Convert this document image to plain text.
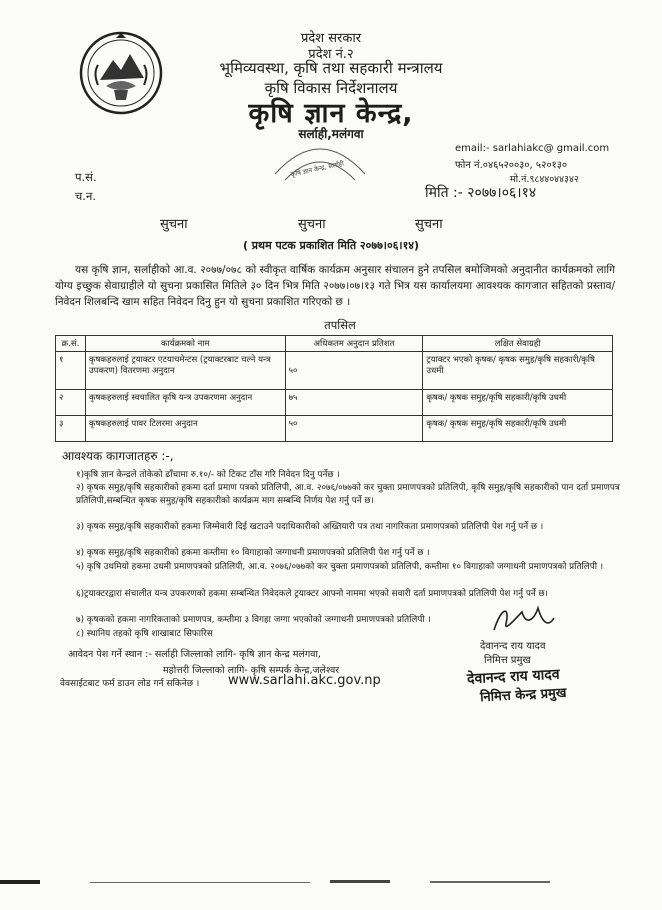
प्रदेश सरकार
प्रदेश नं.२
भूमिव्यवस्था, कृषि तथा सहकारी मन्त्रालय
कृषि विकास निर्देशनालय
कृषि ज्ञान केन्द्र,
सर्लाही,मलंगवा
कृषि ज्ञान केन्द्र, सर्लाही
email:- sarlahiakc@ gmail.com
फोन नं.०४६५२००३०, ५२०१३०
मो.नं.९८४४०४४३४२
प.सं.
च.न.	मिति :- २०७७।०६।१४
सुचना	सुचना	सुचना
( प्रथम पटक प्रकाशित मिति २०७७।०६।१४)
यस कृषि ज्ञान, सर्लाहीको आ.व. २०७७/०७८ को स्वीकृत वार्षिक कार्यक्रम अनुसार संचालन हुने तपसिल बमोजिमको अनुदानीत कार्यक्रमको लागि योग्य इच्छुक सेवाग्राहीले यो सुचना प्रकासित मितिले ३० दिन भित्र मिति २०७७।०७।१३ गते भित्र यस कार्यालयमा आवश्यक कागजात सहितको प्रस्ताव/ निवेदन शिलबन्दि खाम सहित निवेदन दिनु हुन यो सुचना प्रकाशित गरिएको छ ।
तपसिल
क्र.सं.	कार्यक्रमको नाम	अधिकतम अनुदान प्रतिशत	लक्षित सेवाग्रही
१	कृषकहरुलाई ट्रयाक्टर एटयाचमेन्टस (ट्रयाक्टरबाट चल्ने यन्त्र उपकरण) वितरणमा अनुदान	५०	ट्रयाक्टर भएको कृषक/ कृषक समुह/कृषि सहकारी/कृषि उधमी
२	कृषकहरुलाई स्वचालित कृषि यन्त्र उपकरणमा अनुदान	७५	कृषक/ कृषक समुह/कृषि सहकारी/कृषि उधमी
३	कृषकहरुलाई पावर टिलरमा अनुदान	५०	कृषक/ कृषक समुह/कृषि सहकारी/कृषि उधमी
आवश्यक कागजातहरु :-,
१)कृषि ज्ञान केन्द्रले तोकेको ढाँचामा रु.१०/- को टिकट टाँस गरि निवेदन दिनु पर्नेछ ।
२) कृषक समुह/कृषि सहकारीको हकमा दर्ता प्रमाण पत्रको प्रतिलिपी, आ.व. २०७६/०७७को कर चुक्ता प्रमाणपत्रको प्रतिलिपी, कृषि समुह/कृषि सहकारीको पान दर्ता प्रमाणपत्र प्रतिलिपी,सम्बन्धित कृषक समुह/कृषि सहकारीको कार्यक्रम माग सम्बन्धि निर्णय पेश गर्नु पर्ने छ।
३) कृषक समुह/कृषि सहकारीको हकमा जिम्मेवारी दिई खटाउने पदाधिकारीको अख्तियारी पत्र तथा नागरिकता प्रमाणपत्रको प्रतिलिपी पेश गर्नु पर्ने छ ।
४) कृषक समुह/कृषि सहकारीको हकमा कम्तीमा १० विगाहाको जग्गाधनी प्रमाणपत्रको प्रतिलिपी पेश गर्नु पर्ने छ ।
५) कृषि उधमियो हकमा उधमी प्रमाणपत्रको प्रतिलिपी, आ.व. २०७६/०७७को कर चुक्ता प्रमाणपत्रको प्रतिलिपी, कम्तीमा १० विगाहाको जग्गाधनी प्रमाणपत्रको प्रतिलिपी ।
६)ट्रयाक्टरद्वारा संचालीत यन्त्र उपकरणको हकमा सम्बन्धित निवेदकले ट्रयाक्टर आफ्नो नाममा भएको सवारी दर्ता प्रमाणपत्रको प्रतिलिपी पेश गर्नु पर्ने छ।
७) कृषकको हकमा नागरिकताको प्रमाणपत्र, कम्तीमा ३ विगहा जग्गा भएकोको जग्गाधनी प्रमाणपत्रको प्रतिलिपी ।
८) स्थानिय तहको कृषि शाखाबाट सिफारिस
आवेदन पेश गर्ने स्थान :- सर्लाही जिल्लाको लागि- कृषि ज्ञान केन्द्र मलंगवा,
महोत्तरी जिल्लाको लागि- कृषि सम्पर्क केन्द्र,जलेश्वर
देवानन्द राय यादव
निमित्त प्रमुख
देवानन्द राय यादव
निमित्त केन्द्र प्रमुख
वेवसाईटबाट फर्म डाउन लोड गर्न सकिनेछ । www.sarlahi.akc.gov.np
